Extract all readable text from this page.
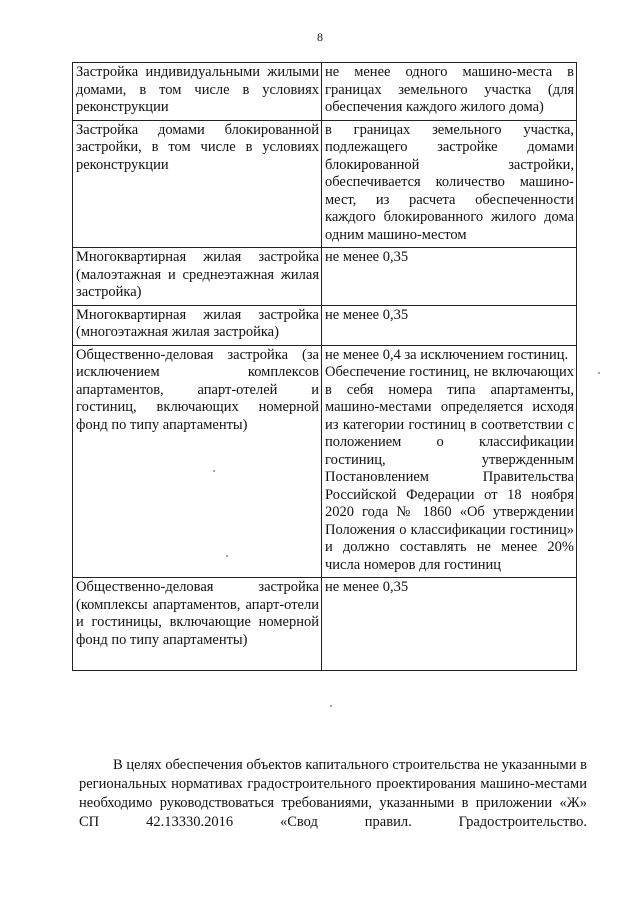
8
Застройка индивидуальными жилыми домами, в том числе в условиях реконструкции	не менее одного машино-места в границах земельного участка (для обеспечения каждого жилого дома)

Застройка домами блокированной застройки, в том числе в условиях реконструкции	в границах земельного участка, подлежащего застройке домами блокированной застройки, обеспечивается количество машино-мест, из расчета обеспеченности каждого блокированного жилого дома одним машино-местом

Многоквартирная жилая застройка (малоэтажная и среднеэтажная жилая застройка)	не менее 0,35

Многоквартирная жилая застройка (многоэтажная жилая застройка)	не менее 0,35

Общественно-деловая застройка (за исключением комплексов апартаментов, апарт-отелей и гостиниц, включающих номерной фонд по типу апартаменты)	не менее 0,4 за исключением гостиниц.
Обеспечение гостиниц, не включающих в себя номера типа апартаменты, машино-местами определяется исходя из категории гостиниц в соответствии с положением о классификации гостиниц, утвержденным Постановлением Правительства Российской Федерации от 18 ноября 2020 года № 1860 «Об утверждении Положения о классификации гостиниц» и должно составлять не менее 20% числа номеров для гостиниц

Общественно-деловая застройка (комплексы апартаментов, апарт-отели и гостиницы, включающие номерной фонд по типу апартаменты)	не менее 0,35

В целях обеспечения объектов капитального строительства не указанными в региональных нормативах градостроительного проектирования машино-местами необходимо руководствоваться требованиями, указанными в приложении «Ж» СП 42.13330.2016 «Свод правил. Градостроительство.
